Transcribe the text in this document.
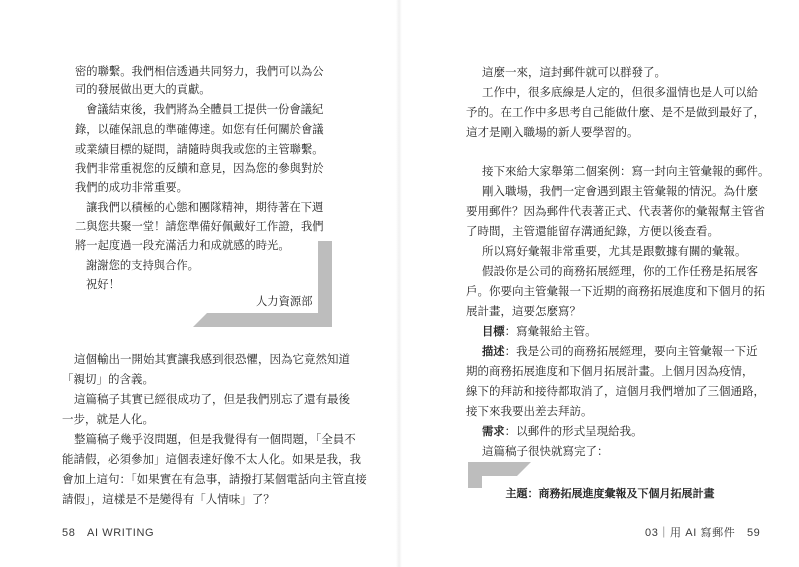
密的聯繫。我們相信透過共同努力，我們可以為公

司的發展做出更大的貢獻。

會議結束後，我們將為全體員工提供一份會議紀

錄，以確保訊息的準確傳達。如您有任何關於會議

或業績目標的疑問，請隨時與我或您的主管聯繫。

我們非常重視您的反饋和意見，因為您的參與對於

我們的成功非常重要。

讓我們以積極的心態和團隊精神，期待著在下週

二與您共聚一堂！請您準備好佩戴好工作證，我們

將一起度過一段充滿活力和成就感的時光。

謝謝您的支持與合作。

祝好！

人力資源部

這個輸出一開始其實讓我感到很恐懼，因為它竟然知道

「親切」的含義。

這篇稿子其實已經很成功了，但是我們別忘了還有最後

一步，就是人化。

整篇稿子幾乎沒問題，但是我覺得有一個問題，「全員不

能請假，必須參加」這個表達好像不太人化。如果是我，我

會加上這句：「如果實在有急事，請撥打某個電話向主管直接

請假」，這樣是不是變得有「人情味」了？

58　AI WRITING

這麼一來，這封郵件就可以群發了。

工作中，很多底線是人定的，但很多溫情也是人可以給

予的。在工作中多思考自己能做什麼、是不是做到最好了，

這才是剛入職場的新人要學習的。

接下來給大家舉第二個案例：寫一封向主管彙報的郵件。

剛入職場，我們一定會遇到跟主管彙報的情況。為什麼

要用郵件？因為郵件代表著正式、代表著你的彙報幫主管省

了時間，主管還能留存溝通紀錄，方便以後查看。

所以寫好彙報非常重要，尤其是跟數據有關的彙報。

假設你是公司的商務拓展經理，你的工作任務是拓展客

戶。你要向主管彙報一下近期的商務拓展進度和下個月的拓

展計畫，這要怎麼寫？

目標：寫彙報給主管。

描述：我是公司的商務拓展經理，要向主管彙報一下近

期的商務拓展進度和下個月拓展計畫。上個月因為疫情，

線下的拜訪和接待都取消了，這個月我們增加了三個通路，

接下來我要出差去拜訪。

需求：以郵件的形式呈現給我。

這篇稿子很快就寫完了：

03｜用 AI 寫郵件　59
主題：商務拓展進度彙報及下個月拓展計畫
